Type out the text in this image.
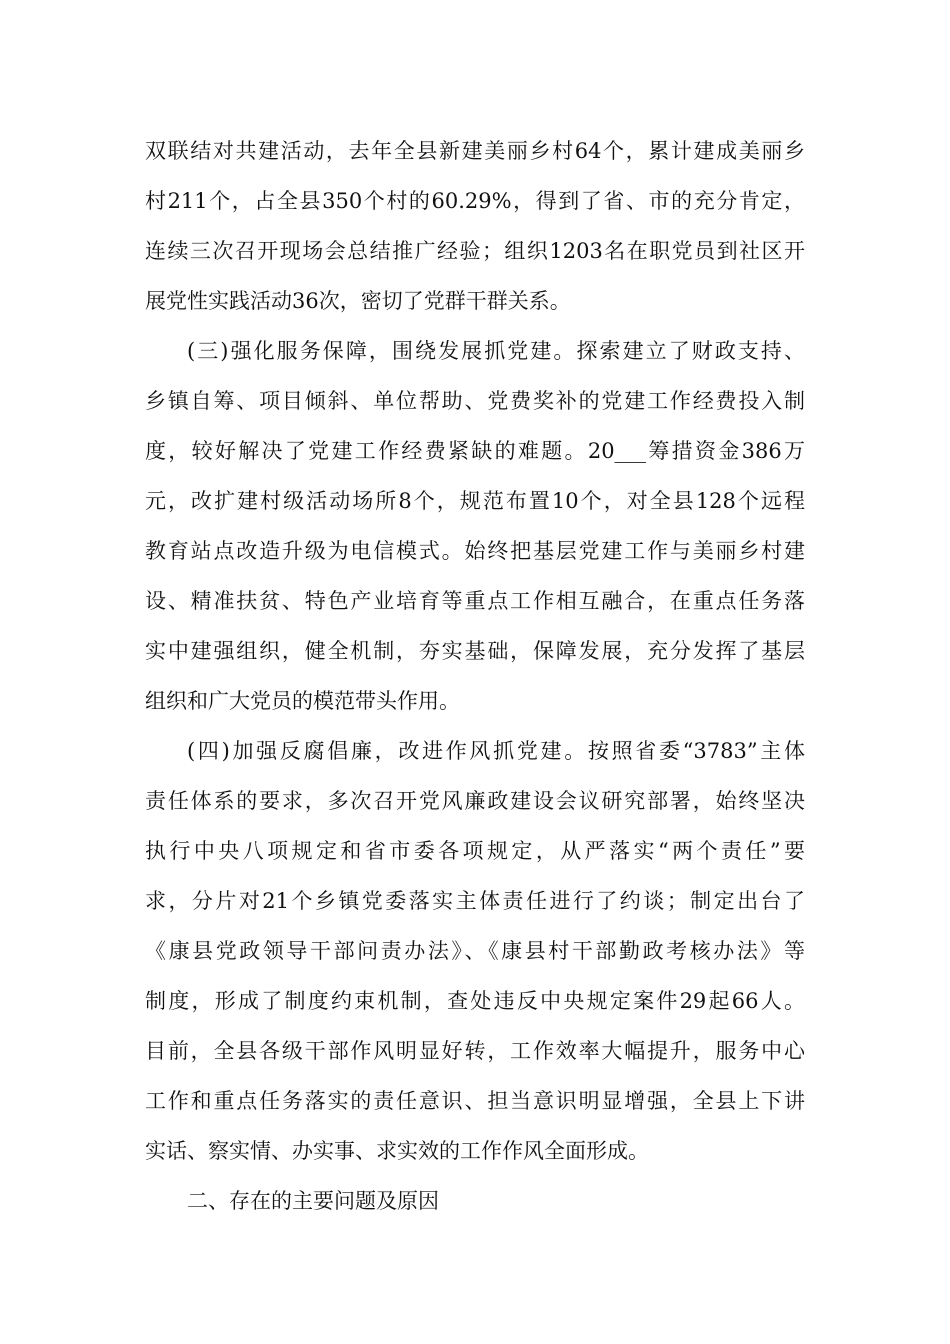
双联结对共建活动，去年全县新建美丽乡村64个，累计建成美丽乡
村211个，占全县350个村的60.29%，得到了省、市的充分肯定，
连续三次召开现场会总结推广经验；组织1203名在职党员到社区开
展党性实践活动36次，密切了党群干群关系。
(三)强化服务保障，围绕发展抓党建。探索建立了财政支持、
乡镇自筹、项目倾斜、单位帮助、党费奖补的党建工作经费投入制
度，较好解决了党建工作经费紧缺的难题。20___筹措资金386万
元，改扩建村级活动场所8个，规范布置10个，对全县128个远程
教育站点改造升级为电信模式。始终把基层党建工作与美丽乡村建
设、精准扶贫、特色产业培育等重点工作相互融合，在重点任务落
实中建强组织，健全机制，夯实基础，保障发展，充分发挥了基层
组织和广大党员的模范带头作用。
(四)加强反腐倡廉，改进作风抓党建。按照省委“3783”主体
责任体系的要求，多次召开党风廉政建设会议研究部署，始终坚决
执行中央八项规定和省市委各项规定，从严落实“两个责任”要
求，分片对21个乡镇党委落实主体责任进行了约谈；制定出台了
《康县党政领导干部问责办法》、《康县村干部勤政考核办法》等
制度，形成了制度约束机制，查处违反中央规定案件29起66人。
目前，全县各级干部作风明显好转，工作效率大幅提升，服务中心
工作和重点任务落实的责任意识、担当意识明显增强，全县上下讲
实话、察实情、办实事、求实效的工作作风全面形成。
二、存在的主要问题及原因
